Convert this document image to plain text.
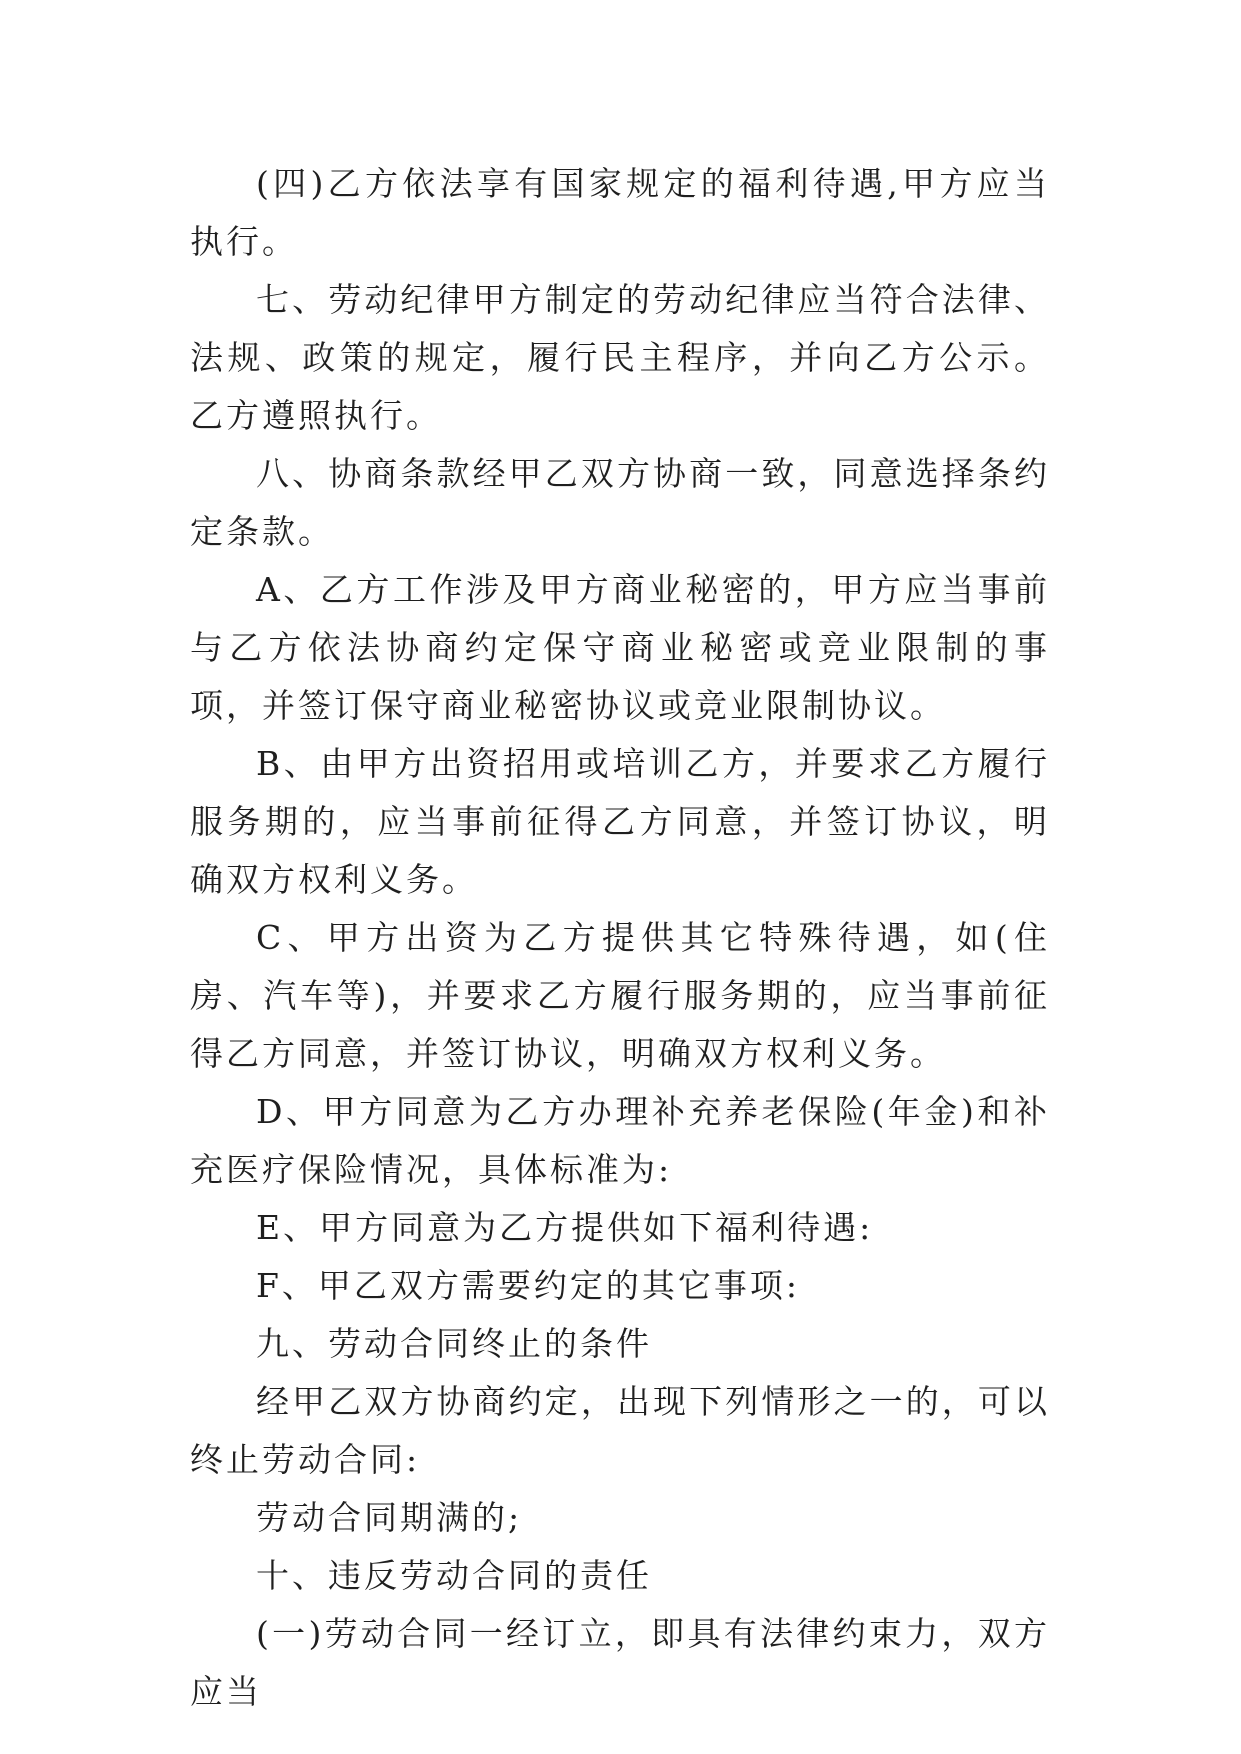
(四)乙方依法享有国家规定的福利待遇,甲方应当执行。

七、劳动纪律甲方制定的劳动纪律应当符合法律、法规、政策的规定，履行民主程序，并向乙方公示。乙方遵照执行。

八、协商条款经甲乙双方协商一致，同意选择条约定条款。

A、乙方工作涉及甲方商业秘密的，甲方应当事前与乙方依法协商约定保守商业秘密或竞业限制的事项，并签订保守商业秘密协议或竞业限制协议。

B、由甲方出资招用或培训乙方，并要求乙方履行服务期的，应当事前征得乙方同意，并签订协议，明确双方权利义务。

C、甲方出资为乙方提供其它特殊待遇，如(住房、汽车等)，并要求乙方履行服务期的，应当事前征得乙方同意，并签订协议，明确双方权利义务。

D、甲方同意为乙方办理补充养老保险(年金)和补充医疗保险情况，具体标准为:

E、甲方同意为乙方提供如下福利待遇:

F、甲乙双方需要约定的其它事项:

九、劳动合同终止的条件

经甲乙双方协商约定，出现下列情形之一的，可以终止劳动合同:

劳动合同期满的;

十、违反劳动合同的责任

(一)劳动合同一经订立，即具有法律约束力，双方应当
